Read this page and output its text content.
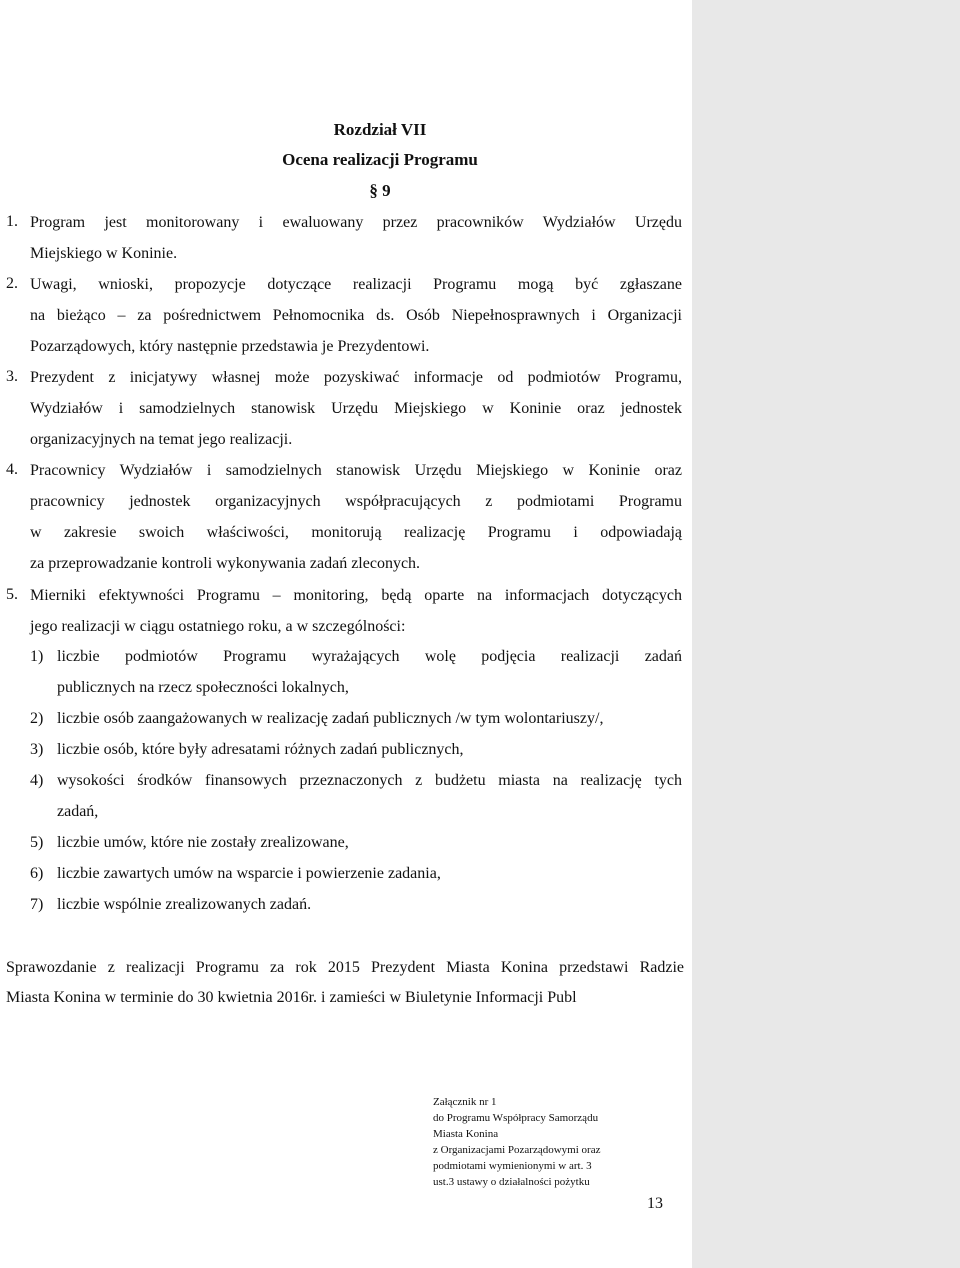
Rozdział VII
Ocena realizacji Programu
§ 9
1. Program jest monitorowany i ewaluowany przez pracowników Wydziałów Urzędu
Miejskiego w Koninie.
2. Uwagi, wnioski, propozycje dotyczące realizacji Programu mogą być zgłaszane
na bieżąco – za pośrednictwem Pełnomocnika ds. Osób Niepełnosprawnych i Organizacji
Pozarządowych, który następnie przedstawia je Prezydentowi.
3. Prezydent z inicjatywy własnej może pozyskiwać informacje od podmiotów Programu,
Wydziałów i samodzielnych stanowisk Urzędu Miejskiego w Koninie oraz jednostek
organizacyjnych na temat jego realizacji.
4. Pracownicy Wydziałów i samodzielnych stanowisk Urzędu Miejskiego w Koninie oraz
pracownicy jednostek organizacyjnych współpracujących z podmiotami Programu
w zakresie swoich właściwości, monitorują realizację Programu i odpowiadają
za przeprowadzanie kontroli wykonywania zadań zleconych.
5. Mierniki efektywności Programu – monitoring, będą oparte na informacjach dotyczących
jego realizacji w ciągu ostatniego roku, a w szczególności:
1) liczbie podmiotów Programu wyrażających wolę podjęcia realizacji zadań
publicznych na rzecz społeczności lokalnych,
2) liczbie osób zaangażowanych w realizację zadań publicznych /w tym wolontariuszy/,
3) liczbie osób, które były adresatami różnych zadań publicznych,
4) wysokości środków finansowych przeznaczonych z budżetu miasta na realizację tych
zadań,
5) liczbie umów, które nie zostały zrealizowane,
6) liczbie zawartych umów na wsparcie i powierzenie zadania,
7) liczbie wspólnie zrealizowanych zadań.
Sprawozdanie z realizacji Programu za rok 2015 Prezydent Miasta Konina przedstawi Radzie
Miasta Konina w terminie do 30 kwietnia 2016r. i zamieści w Biuletynie Informacji Publ
Załącznik nr 1
do Programu Współpracy Samorządu
Miasta Konina
z Organizacjami Pozarządowymi oraz
podmiotami wymienionymi w art. 3
ust.3 ustawy o działalności pożytku
13
